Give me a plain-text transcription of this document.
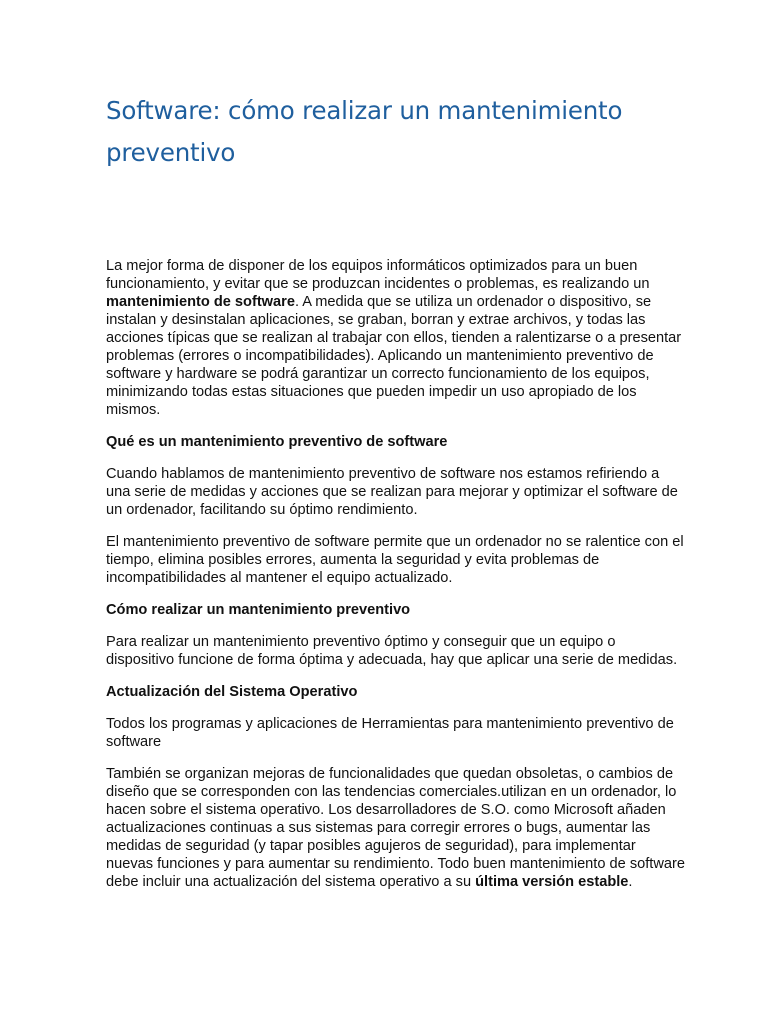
Software: cómo realizar un mantenimiento preventivo

La mejor forma de disponer de los equipos informáticos optimizados para un buen funcionamiento, y evitar que se produzcan incidentes o problemas, es realizando un mantenimiento de software. A medida que se utiliza un ordenador o dispositivo, se instalan y desinstalan aplicaciones, se graban, borran y extrae archivos, y todas las acciones típicas que se realizan al trabajar con ellos, tienden a ralentizarse o a presentar problemas (errores o incompatibilidades). Aplicando un mantenimiento preventivo de software y hardware se podrá garantizar un correcto funcionamiento de los equipos, minimizando todas estas situaciones que pueden impedir un uso apropiado de los mismos.

Qué es un mantenimiento preventivo de software

Cuando hablamos de mantenimiento preventivo de software nos estamos refiriendo a una serie de medidas y acciones que se realizan para mejorar y optimizar el software de un ordenador, facilitando su óptimo rendimiento.

El mantenimiento preventivo de software permite que un ordenador no se ralentice con el tiempo, elimina posibles errores, aumenta la seguridad y evita problemas de incompatibilidades al mantener el equipo actualizado.

Cómo realizar un mantenimiento preventivo

Para realizar un mantenimiento preventivo óptimo y conseguir que un equipo o dispositivo funcione de forma óptima y adecuada, hay que aplicar una serie de medidas.

Actualización del Sistema Operativo

Todos los programas y aplicaciones de Herramientas para mantenimiento preventivo de software

También se organizan mejoras de funcionalidades que quedan obsoletas, o cambios de diseño que se corresponden con las tendencias comerciales.utilizan en un ordenador, lo hacen sobre el sistema operativo. Los desarrolladores de S.O. como Microsoft añaden actualizaciones continuas a sus sistemas para corregir errores o bugs, aumentar las medidas de seguridad (y tapar posibles agujeros de seguridad), para implementar nuevas funciones y para aumentar su rendimiento. Todo buen mantenimiento de software debe incluir una actualización del sistema operativo a su última versión estable.
